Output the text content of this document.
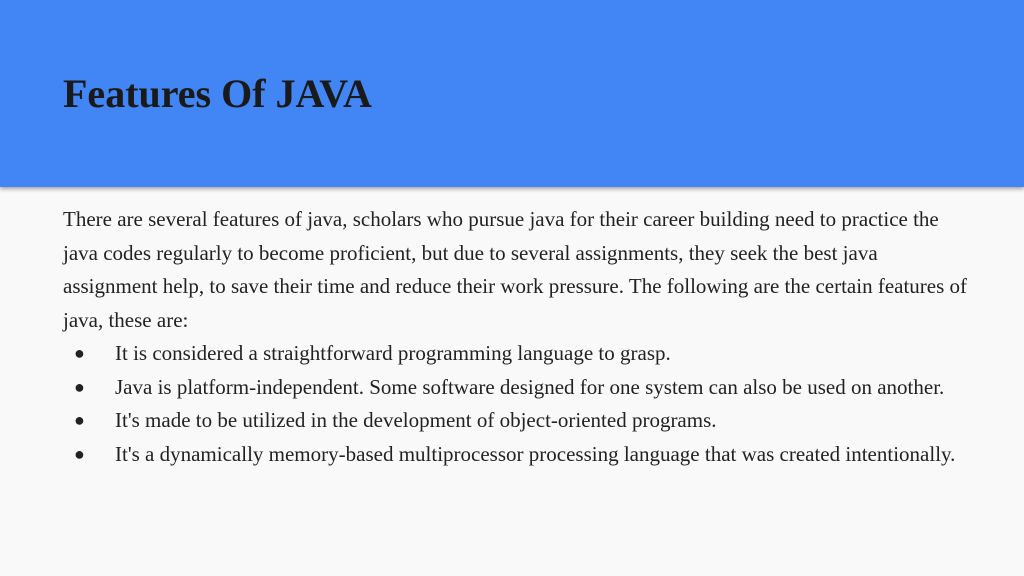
Features Of JAVA

There are several features of java, scholars who pursue java for their career building need to practice the java codes regularly to become proficient, but due to several assignments, they seek the best java assignment help, to save their time and reduce their work pressure. The following are the certain features of java, these are:

● It is considered a straightforward programming language to grasp.
● Java is platform-independent. Some software designed for one system can also be used on another.
● It's made to be utilized in the development of object-oriented programs.
● It's a dynamically memory-based multiprocessor processing language that was created intentionally.
